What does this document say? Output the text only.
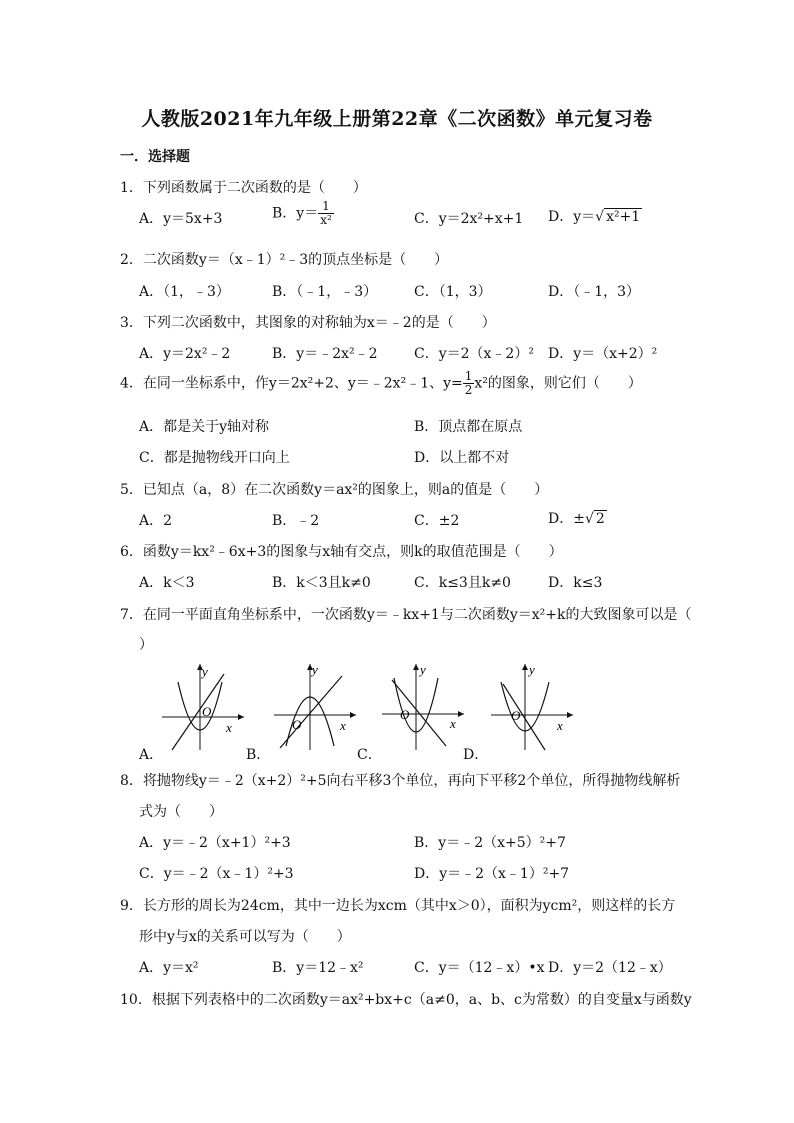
人教版2021年九年级上册第22章《二次函数》单元复习卷
一．选择题
1．下列函数属于二次函数的是（　　）
A．y＝5x+3	B．$y= \frac{1}{\text{x²}}$	C．y＝2x²+x+1 D．y＝√ x²+1
2．二次函数y＝（x﹣1）²﹣3的顶点坐标是（　　）
A．（1，﹣3）	B．（﹣1，﹣3）	C．（1，3）	D．（﹣1，3）
3．下列二次函数中，其图象的对称轴为x＝﹣2的是（　　）
A．y＝2x²﹣2	B．y＝﹣2x²﹣2	C．y＝2（x﹣2）² D．y＝（x+2）²
4．在同一坐标系中，作y＝2x²+2、y＝﹣2x²﹣1、$y= \frac{1}{2} x^2$的图象，则它们（　　）
A．都是关于y轴对称	B．顶点都在原点
C．都是抛物线开口向上	D．以上都不对
5．已知点（a，8）在二次函数y＝ax²的图象上，则a的值是（　　）
A．2	B．﹣2	C．±2	D．±√ 2
6．函数y＝kx²﹣6x+3的图象与x轴有交点，则k的取值范围是（　　）
A．k＜3	B．k＜3且k≠0	C．k≤3且k≠0	D．k≤3
7．在同一平面直角坐标系中，一次函数y＝﹣kx+1与二次函数y＝x²+k的大致图象可以是（
）
y
x
O
A．
y
x
O
B．
y
x
O
C．
y
x
O
D．
8．将抛物线y＝﹣2（x+2）²+5向右平移3个单位，再向下平移2个单位，所得抛物线解析
式为（　　）
A．y＝﹣2（x+1）²+3	B．y＝﹣2（x+5）²+7
C．y＝﹣2（x﹣1）²+3	D．y＝﹣2（x﹣1）²+7
9．长方形的周长为24cm，其中一边长为xcm（其中x＞0），面积为ycm²，则这样的长方
形中y与x的关系可以写为（　　）
A．y＝x²	B．y＝12﹣x²	C．y＝（12﹣x）•x D．y＝2（12﹣x）
10．根据下列表格中的二次函数y＝ax²+bx+c（a≠0，a、b、c为常数）的自变量x与函数y
